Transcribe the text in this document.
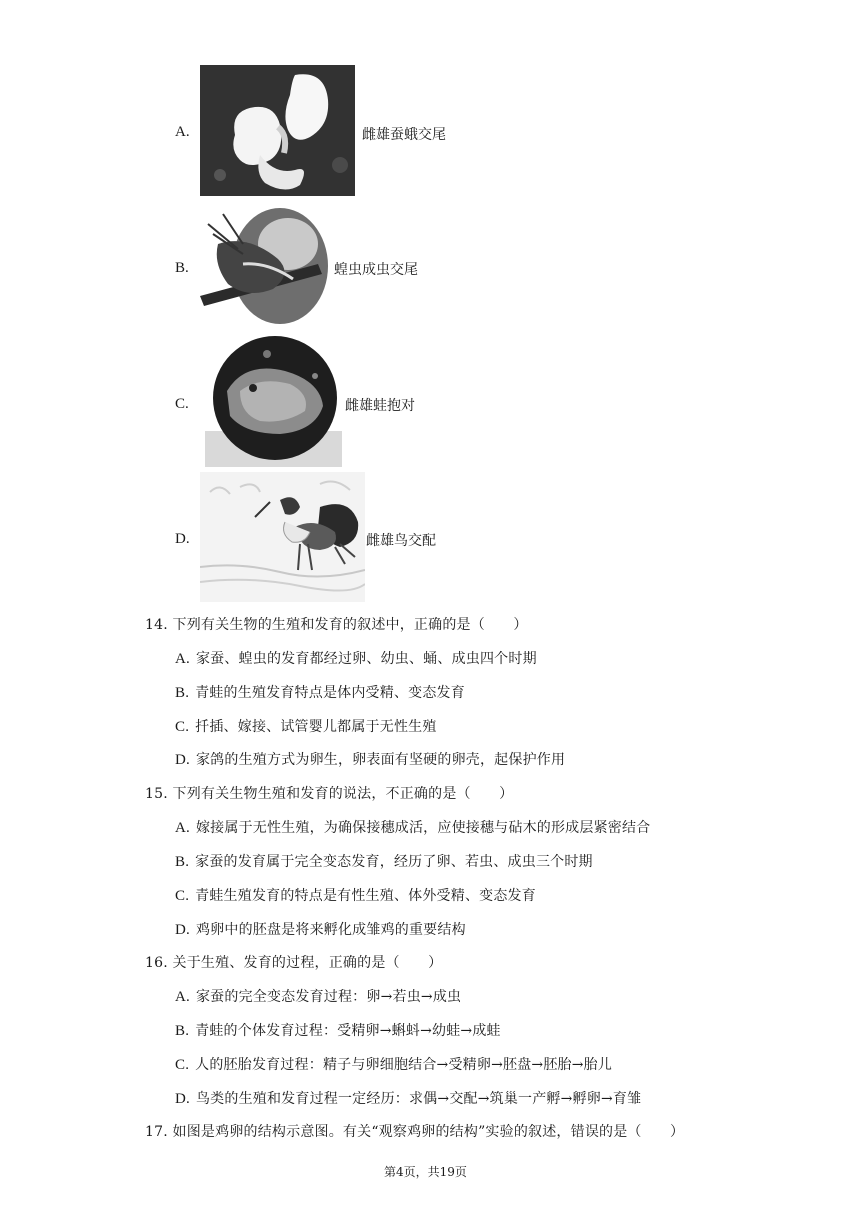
A.	雌雄蚕蛾交尾
B.	蝗虫成虫交尾
C.	雌雄蛙抱对
D.	雌雄鸟交配
14. 下列有关生物的生殖和发育的叙述中，正确的是（　　）
A. 家蚕、蝗虫的发育都经过卵、幼虫、蛹、成虫四个时期
B. 青蛙的生殖发育特点是体内受精、变态发育
C. 扦插、嫁接、试管婴儿都属于无性生殖
D. 家鸽的生殖方式为卵生，卵表面有坚硬的卵壳，起保护作用
15. 下列有关生物生殖和发育的说法，不正确的是（　　）
A. 嫁接属于无性生殖，为确保接穗成活，应使接穗与砧木的形成层紧密结合
B. 家蚕的发育属于完全变态发育，经历了卵、若虫、成虫三个时期
C. 青蛙生殖发育的特点是有性生殖、体外受精、变态发育
D. 鸡卵中的胚盘是将来孵化成雏鸡的重要结构
16. 关于生殖、发育的过程，正确的是（　　）
A. 家蚕的完全变态发育过程：卵→若虫→成虫
B. 青蛙的个体发育过程：受精卵→蝌蚪→幼蛙→成蛙
C. 人的胚胎发育过程：精子与卵细胞结合→受精卵→胚盘→胚胎→胎儿
D. 鸟类的生殖和发育过程一定经历：求偶→交配→筑巢一产孵→孵卵→育雏
17. 如图是鸡卵的结构示意图。有关“观察鸡卵的结构”实验的叙述，错误的是（　　）
第4页，共19页
